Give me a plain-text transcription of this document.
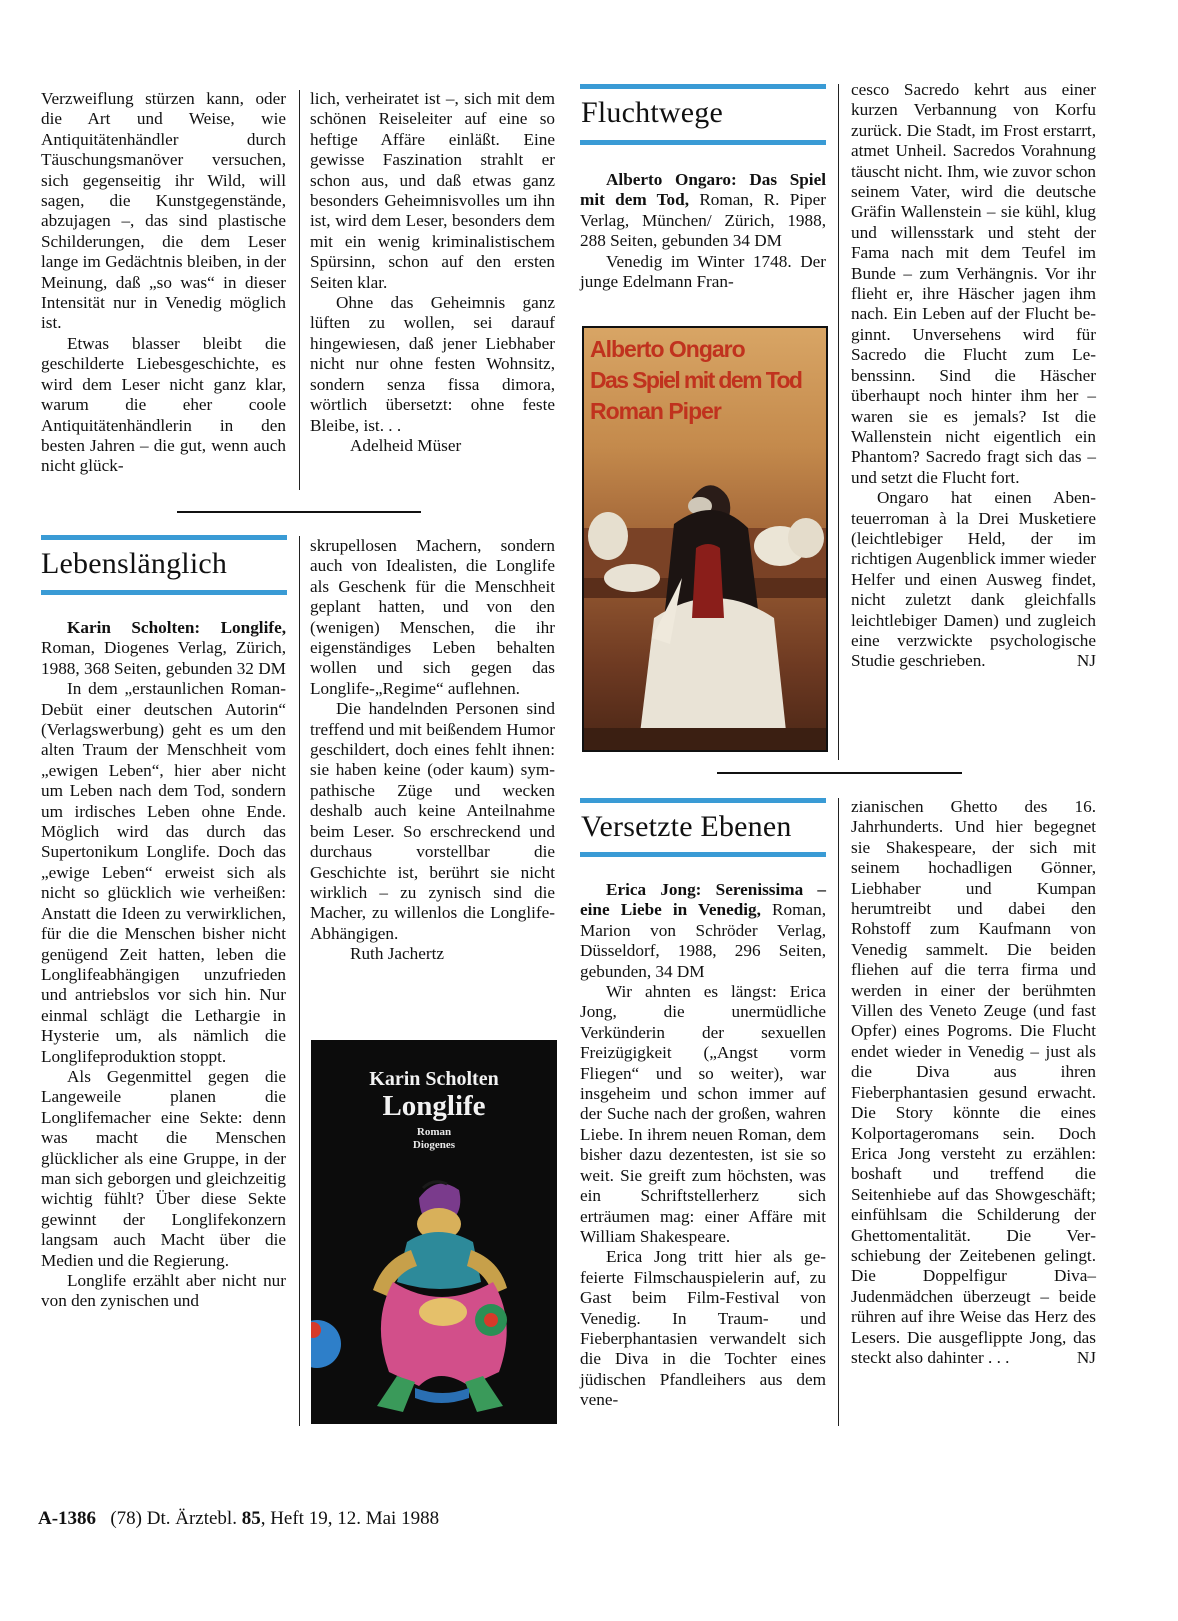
Verzweiflung stürzen kann, oder die Art und Weise, wie Antiquitätenhändler durch Täuschungsmanöver versuchen, sich gegenseitig ihr Wild, will sagen, die Kunstgegenstände, abzujagen –, das sind plastische Schilderungen, die dem Leser lange im Gedächtnis bleiben, in der Meinung, daß „so was“ in dieser Intensität nur in Venedig möglich ist.

Etwas blasser bleibt die geschilderte Liebesgeschichte, es wird dem Leser nicht ganz klar, warum die eher coole Antiquitätenhändlerin in den besten Jahren – die gut, wenn auch nicht glück-

lich, verheiratet ist –, sich mit dem schönen Reiseleiter auf eine so heftige Affäre einläßt. Eine gewisse Faszination strahlt er schon aus, und daß etwas ganz besonders Geheimnisvolles um ihn ist, wird dem Leser, besonders dem mit ein wenig kriminalistischem Spürsinn, schon auf den ersten Seiten klar.

Ohne das Geheimnis ganz lüften zu wollen, sei darauf hingewiesen, daß jener Liebhaber nicht nur ohne festen Wohnsitz, sondern senza fissa dimora, wörtlich übersetzt: ohne feste Bleibe, ist. . .

Adelheid Müser

Lebenslänglich

Karin Scholten: Longlife, Roman, Diogenes Verlag, Zürich, 1988, 368 Seiten, gebunden 32 DM

In dem „erstaunlichen Roman-Debüt einer deutschen Autorin“ (Verlagswerbung) geht es um den alten Traum der Menschheit vom „ewigen Leben“, hier aber nicht um Leben nach dem Tod, sondern um irdisches Leben ohne Ende. Möglich wird das durch das Supertonikum Longlife. Doch das „ewige Leben“ erweist sich als nicht so glücklich wie verheißen: Anstatt die Ideen zu verwirklichen, für die die Menschen bisher nicht genügend Zeit hatten, leben die Longlifeabhängigen unzufrieden und antriebslos vor sich hin. Nur einmal schlägt die Lethargie in Hysterie um, als nämlich die Longlifeproduktion stoppt.

Als Gegenmittel gegen die Langeweile planen die Longlifemacher eine Sekte: denn was macht die Menschen glücklicher als eine Gruppe, in der man sich geborgen und gleichzeitig wichtig fühlt? Über diese Sekte gewinnt der Longlifekonzern langsam auch Macht über die Medien und die Regierung.

Longlife erzählt aber nicht nur von den zynischen und

skrupellosen Machern, sondern auch von Idealisten, die Longlife als Geschenk für die Menschheit geplant hatten, und von den (wenigen) Menschen, die ihr eigenständiges Leben behalten wollen und sich gegen das Longlife-„Regime“ auflehnen.

Die handelnden Personen sind treffend und mit beißendem Humor geschildert, doch eines fehlt ihnen: sie haben keine (oder kaum) sympathische Züge und wecken deshalb auch keine Anteilnahme beim Leser. So erschreckend und durchaus vorstellbar die Geschichte ist, berührt sie nicht wirklich – zu zynisch sind die Macher, zu willenlos die Longlife-Abhängigen.

Ruth Jachertz

Karin Scholten
Longlife
Roman
Diogenes
Fluchtwege

Alberto Ongaro: Das Spiel mit dem Tod, Roman, R. Piper Verlag, München/ Zürich, 1988, 288 Seiten, gebunden 34 DM

Venedig im Winter 1748. Der junge Edelmann Fran-

Alberto Ongaro
Das Spiel mit dem Tod
Roman Piper

cesco Sacredo kehrt aus einer kurzen Verbannung von Korfu zurück. Die Stadt, im Frost erstarrt, atmet Unheil. Sacredos Vorahnung täuscht nicht. Ihm, wie zuvor schon seinem Vater, wird die deutsche Gräfin Wallenstein – sie kühl, klug und willensstark und steht der Fama nach mit dem Teufel im Bunde – zum Verhängnis. Vor ihr flieht er, ihre Häscher jagen ihm nach. Ein Leben auf der Flucht beginnt. Unversehens wird für Sacredo die Flucht zum Lebenssinn. Sind die Häscher überhaupt noch hinter ihm her – waren sie es jemals? Ist die Wallenstein nicht eigentlich ein Phantom? Sacredo fragt sich das – und setzt die Flucht fort.

Ongaro hat einen Abenteuerroman à la Drei Musketiere (leichtlebiger Held, der im richtigen Augenblick immer wieder Helfer und einen Ausweg findet, nicht zuletzt dank gleichfalls leichtlebiger Damen) und zugleich eine verzwickte psychologische Studie geschrieben.	NJ

Versetzte Ebenen

Erica Jong: Serenissima – eine Liebe in Venedig, Roman, Marion von Schröder Verlag, Düsseldorf, 1988, 296 Seiten, gebunden, 34 DM

Wir ahnten es längst: Erica Jong, die unermüdliche Verkünderin der sexuellen Freizügigkeit („Angst vorm Fliegen“ und so weiter), war insgeheim und schon immer auf der Suche nach der großen, wahren Liebe. In ihrem neuen Roman, dem bisher dazu dezentesten, ist sie so weit. Sie greift zum höchsten, was ein Schriftstellerherz sich erträumen mag: einer Affäre mit William Shakespeare.

Erica Jong tritt hier als gefeierte Filmschauspielerin auf, zu Gast beim Film-Festival von Venedig. In Traum- und Fieberphantasien verwandelt sich die Diva in die Tochter eines jüdischen Pfandleihers aus dem vene-

zianischen Ghetto des 16. Jahrhunderts. Und hier begegnet sie Shakespeare, der sich mit seinem hochadligen Gönner, Liebhaber und Kumpan herumtreibt und dabei den Rohstoff zum Kaufmann von Venedig sammelt. Die beiden fliehen auf die terra firma und werden in einer der berühmten Villen des Veneto Zeuge (und fast Opfer) eines Pogroms. Die Flucht endet wieder in Venedig – just als die Diva aus ihren Fieberphantasien gesund erwacht. Die Story könnte die eines Kolportageromans sein. Doch Erica Jong versteht zu erzählen: boshaft und treffend die Seitenhiebe auf das Showgeschäft; einfühlsam die Schilderung der Ghettomentalität. Die Verschiebung der Zeitebenen gelingt. Die Doppelfigur Diva–Judenmädchen überzeugt – beide rühren auf ihre Weise das Herz des Lesers. Die ausgeflippte Jong, das steckt also dahinter . . .	NJ

A-1386 (78) Dt. Ärztebl. 85, Heft 19, 12. Mai 1988
